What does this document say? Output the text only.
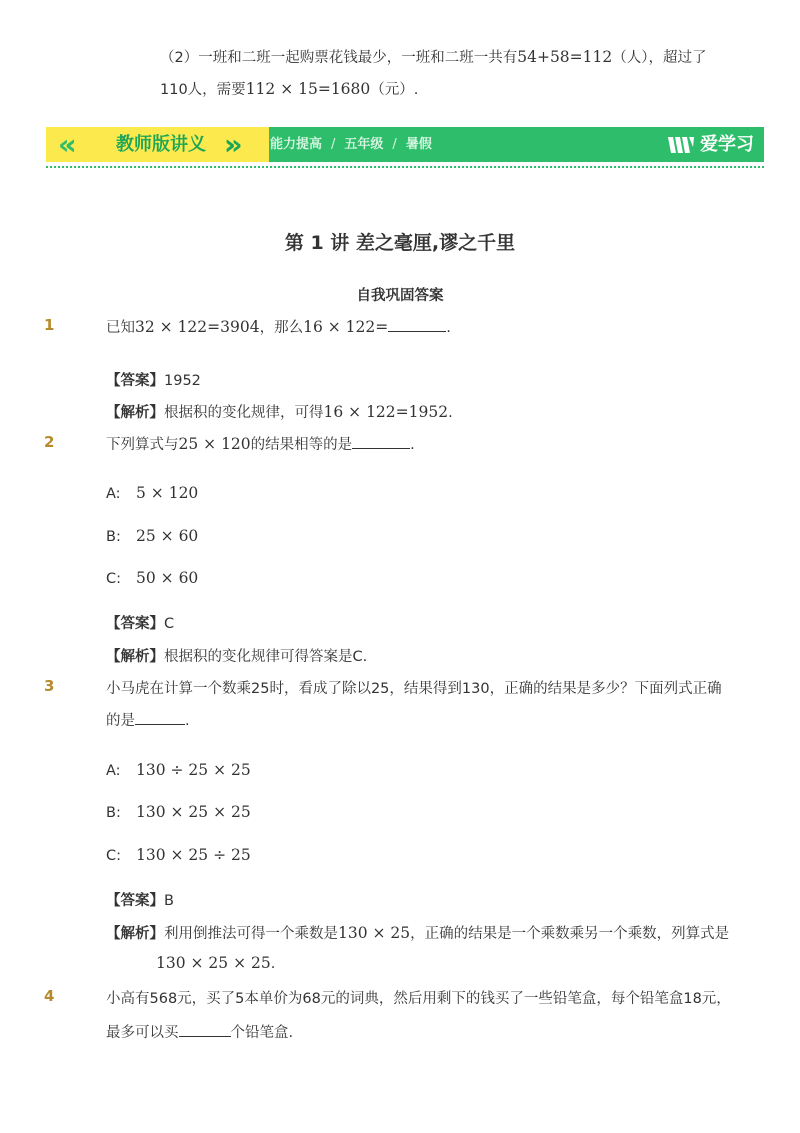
（2）一班和二班一起购票花钱最少，一班和二班一共有54+58=112（人），超过了
110人，需要112 × 15=1680（元）.
«‹	教师版讲义 ›»	能力提高 / 五年级 / 暑假	爱学习
第 1 讲 差之毫厘,谬之千里
自我巩固答案
1	已知32 × 122=3904，那么16 × 122=	.
【答案】1952
【解析】根据积的变化规律，可得16 × 122=1952.
2	下列算式与25 × 120的结果相等的是	.
A: 5 × 120
B: 25 × 60
C: 50 × 60
【答案】C
【解析】根据积的变化规律可得答案是C.
3	小马虎在计算一个数乘25时，看成了除以25，结果得到130，正确的结果是多少？下面列式正确
的是	.
A: 130 ÷ 25 × 25
B: 130 × 25 × 25
C: 130 × 25 ÷ 25
【答案】B
【解析】利用倒推法可得一个乘数是130 × 25，正确的结果是一个乘数乘另一个乘数，列算式是
130 × 25 × 25.
4	小高有568元，买了5本单价为68元的词典，然后用剩下的钱买了一些铅笔盒，每个铅笔盒18元，
最多可以买	个铅笔盒.
